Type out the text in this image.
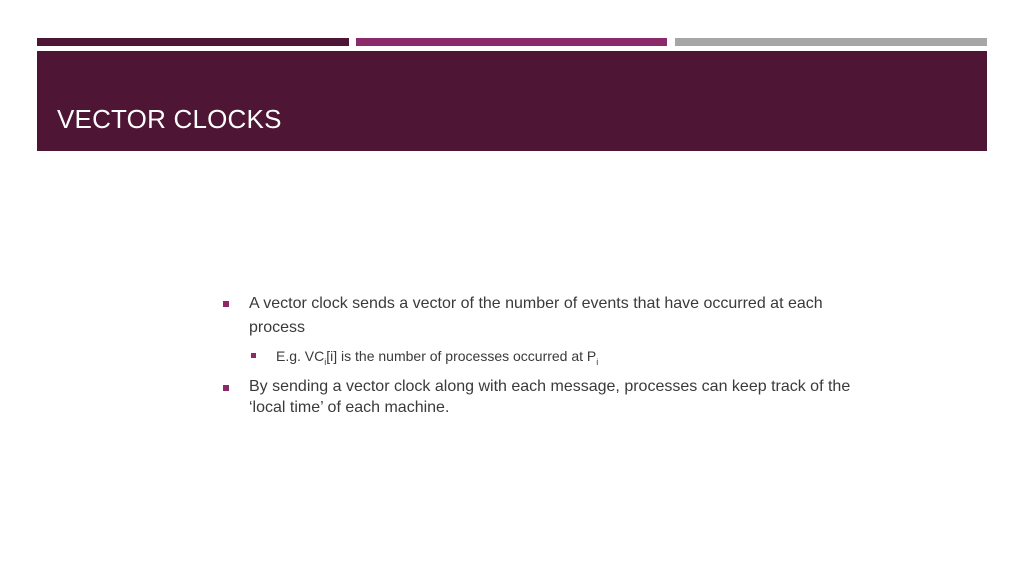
VECTOR CLOCKS
A vector clock sends a vector of the number of events that have occurred at each process
E.g. $VC_i[i]$ is the number of processes occurred at $P_i$
By sending a vector clock along with each message, processes can keep track of the ‘local time’ of each machine.
